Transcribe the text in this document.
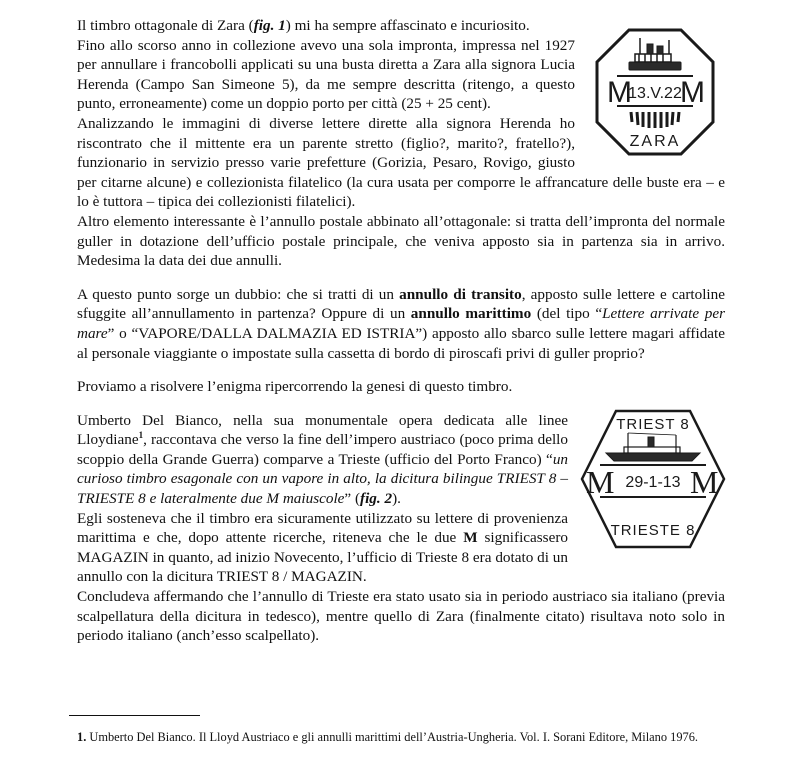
M
13.V.22
M
ZARA

Il timbro ottagonale di Zara (fig. 1) mi ha sempre affascinato e incuriosito.

Fino allo scorso anno in collezione avevo una sola impronta, impressa nel 1927 per annullare i francobolli applicati su una busta diretta a Zara alla signora Lucia Herenda (Campo San Simeone 5), da me sempre descritta (ritengo, a questo punto, erroneamente) come un doppio porto per città (25 + 25 cent).

Analizzando le immagini di diverse lettere dirette alla signora Herenda ho riscontrato che il mittente era un parente stretto (figlio?, marito?, fratello?), funzionario in servizio presso varie prefetture (Gorizia, Pesaro, Rovigo, giusto per citarne alcune) e collezionista filatelico (la cura usata per comporre le affrancature delle buste era – e lo è tuttora – tipica dei collezionisti filatelici).

Altro elemento interessante è l’annullo postale abbinato all’ottagonale: si tratta dell’impronta del normale guller in dotazione dell’ufficio postale principale, che veniva apposto sia in partenza sia in arrivo. Medesima la data dei due annulli.

A questo punto sorge un dubbio: che si tratti di un annullo di transito, apposto sulle lettere e cartoline sfuggite all’annullamento in partenza? Oppure di un annullo marittimo (del tipo “Lettere arrivate per mare” o “VAPORE/DALLA DALMAZIA ED ISTRIA”) apposto allo sbarco sulle lettere magari affidate al personale viaggiante o impostate sulla cassetta di bordo di piroscafi privi di guller proprio?

Proviamo a risolvere l’enigma ripercorrendo la genesi di questo timbro.

TRIEST 8
M 29-1-13 M
TRIESTE 8

Umberto Del Bianco, nella sua monumentale opera dedicata alle linee Lloydiane$^1$, raccontava che verso la fine dell’impero austriaco (poco prima dello scoppio della Grande Guerra) comparve a Trieste (ufficio del Porto Franco) “un curioso timbro esagonale con un vapore in alto, la dicitura bilingue TRIEST 8 – TRIESTE 8 e lateralmente due M maiuscole” (fig. 2).

Egli sosteneva che il timbro era sicuramente utilizzato su lettere di provenienza marittima e che, dopo attente ricerche, riteneva che le due M significassero MAGAZIN in quanto, ad inizio Novecento, l’ufficio di Trieste 8 era dotato di un annullo con la dicitura TRIEST 8 / MAGAZIN.

Concludeva affermando che l’annullo di Trieste era stato usato sia in periodo austriaco sia italiano (previa scalpellatura della dicitura in tedesco), mentre quello di Zara (finalmente citato) risultava noto solo in periodo italiano (anch’esso scalpellato).

1. Umberto Del Bianco. Il Lloyd Austriaco e gli annulli marittimi dell’Austria-Ungheria. Vol. I. Sorani Editore, Milano 1976.
